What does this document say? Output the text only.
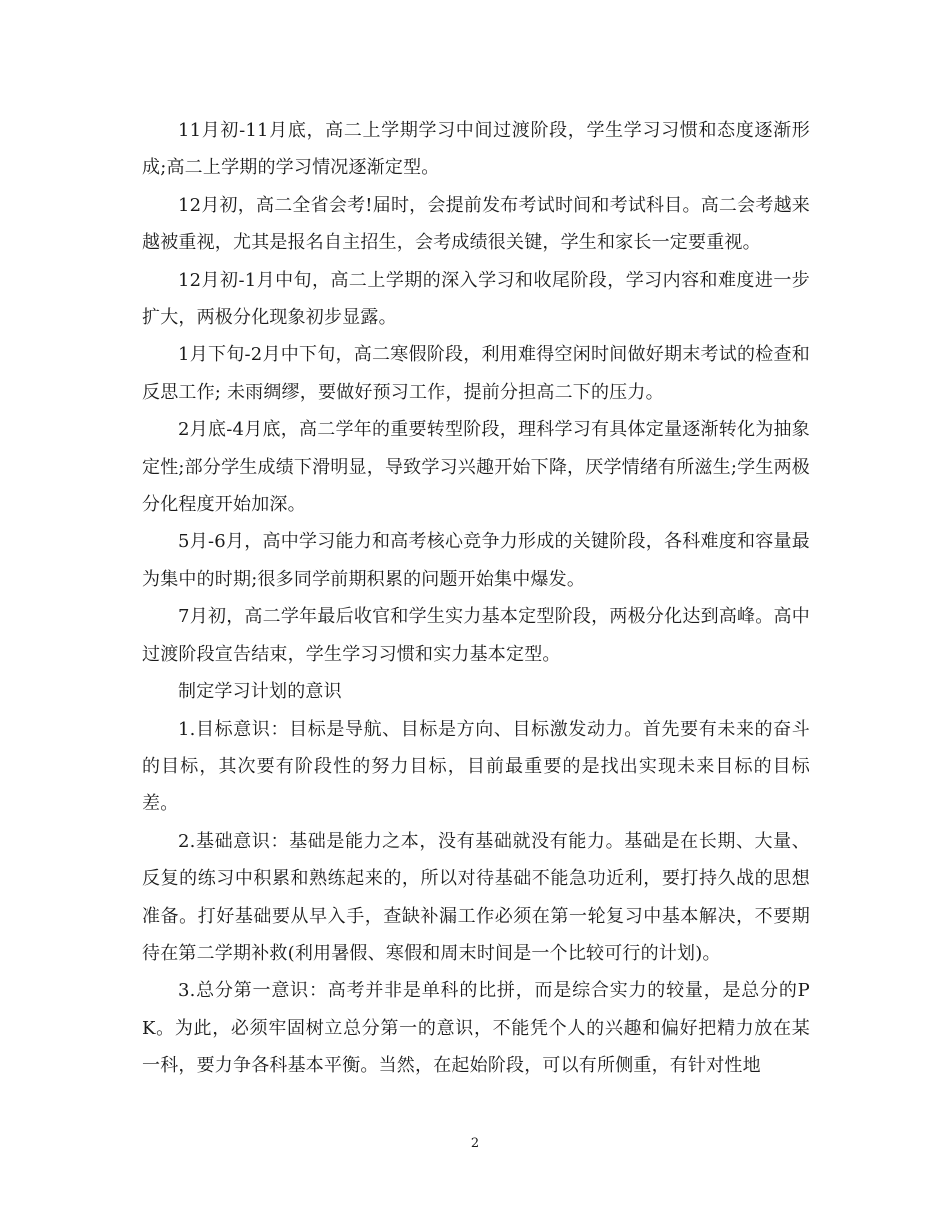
11月初-11月底，高二上学期学习中间过渡阶段，学生学习习惯和态度逐渐形成;高二上学期的学习情况逐渐定型。

12月初，高二全省会考!届时，会提前发布考试时间和考试科目。高二会考越来越被重视，尤其是报名自主招生，会考成绩很关键，学生和家长一定要重视。

12月初-1月中旬，高二上学期的深入学习和收尾阶段，学习内容和难度进一步扩大，两极分化现象初步显露。

1月下旬-2月中下旬，高二寒假阶段，利用难得空闲时间做好期末考试的检查和反思工作; 未雨绸缪，要做好预习工作，提前分担高二下的压力。

2月底-4月底，高二学年的重要转型阶段，理科学习有具体定量逐渐转化为抽象定性;部分学生成绩下滑明显，导致学习兴趣开始下降，厌学情绪有所滋生;学生两极分化程度开始加深。

5月-6月，高中学习能力和高考核心竞争力形成的关键阶段，各科难度和容量最为集中的时期;很多同学前期积累的问题开始集中爆发。

7月初，高二学年最后收官和学生实力基本定型阶段，两极分化达到高峰。高中过渡阶段宣告结束，学生学习习惯和实力基本定型。

制定学习计划的意识

1.目标意识：目标是导航、目标是方向、目标激发动力。首先要有未来的奋斗的目标，其次要有阶段性的努力目标，目前最重要的是找出实现未来目标的目标差。

2.基础意识：基础是能力之本，没有基础就没有能力。基础是在长期、大量、反复的练习中积累和熟练起来的，所以对待基础不能急功近利，要打持久战的思想准备。打好基础要从早入手，查缺补漏工作必须在第一轮复习中基本解决，不要期待在第二学期补救(利用暑假、寒假和周末时间是一个比较可行的计划)。

3.总分第一意识：高考并非是单科的比拼，而是综合实力的较量，是总分的PK。为此，必须牢固树立总分第一的意识，不能凭个人的兴趣和偏好把精力放在某一科，要力争各科基本平衡。当然，在起始阶段，可以有所侧重，有针对性地

2
